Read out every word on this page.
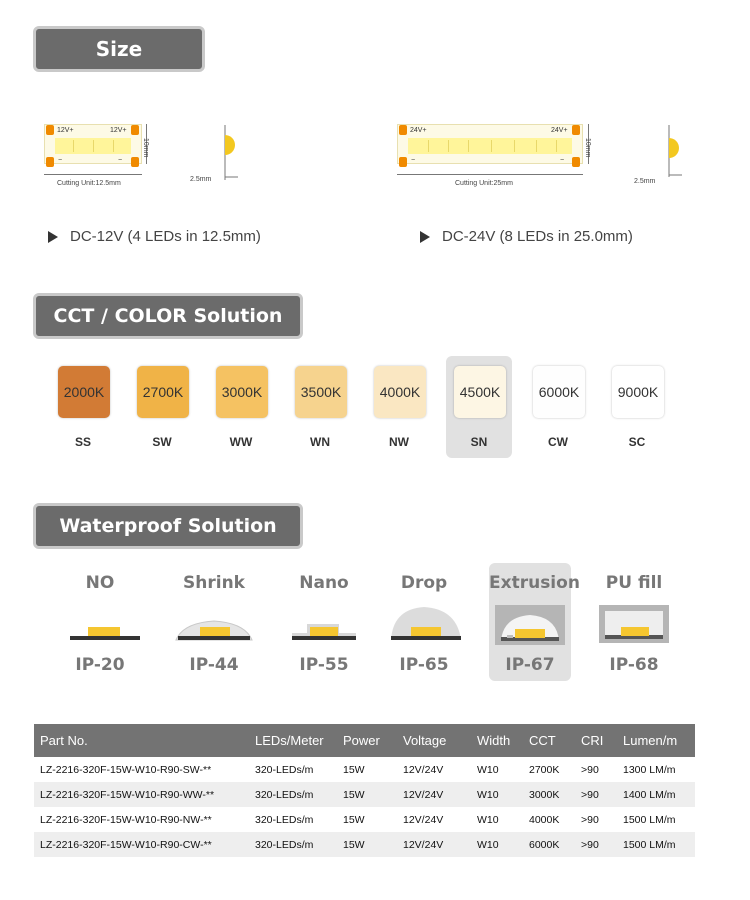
Size
12V+	12V+
−	−
10mm
Cutting Unit:12.5mm
2.5mm
24V+	24V+
−	−
10mm
Cutting Unit:25mm	2.5mm
DC-12V (4 LEDs in 12.5mm)	DC-24V (8 LEDs in 25.0mm)
CCT / COLOR Solution
2000K
SS
2700K
SW
3000K
WW
3500K
WN
4000K
NW
4500K
SN
6000K
CW
9000K
SC
Waterproof Solution
NO
IP-20
Shrink
IP-44
Nano
IP-55
Drop
IP-65
Extrusion
IP-67
PU fill
IP-68
Part No.	LEDs/Meter	Power	Voltage	Width	CCT	CRI	Lumen/m
LZ-2216-320F-15W-W10-R90-SW-**	320-LEDs/m	15W	12V/24V	W10	2700K	>90	1300 LM/m
LZ-2216-320F-15W-W10-R90-WW-**	320-LEDs/m	15W	12V/24V	W10	3000K	>90	1400 LM/m
LZ-2216-320F-15W-W10-R90-NW-**	320-LEDs/m	15W	12V/24V	W10	4000K	>90	1500 LM/m
LZ-2216-320F-15W-W10-R90-CW-**	320-LEDs/m	15W	12V/24V	W10	6000K	>90	1500 LM/m
